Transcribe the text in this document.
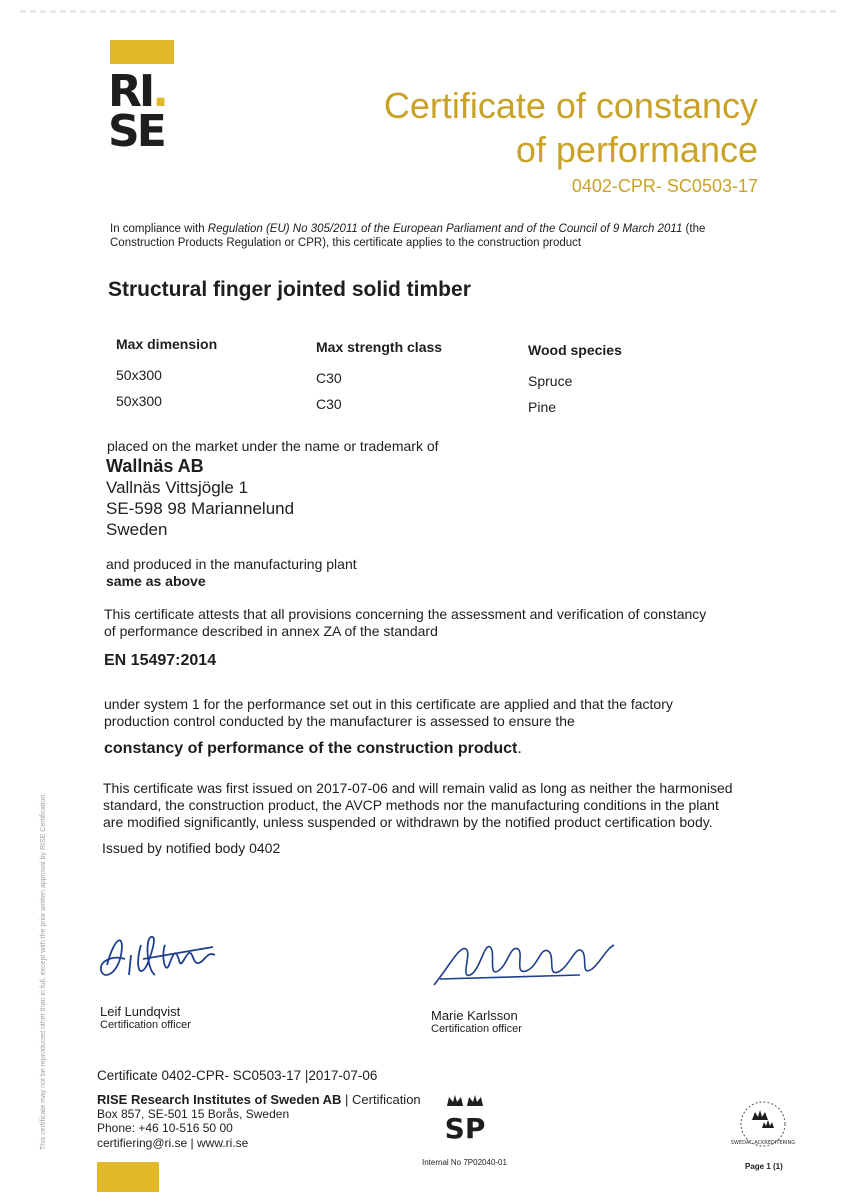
RI.
SE
Certificate of constancy
of performance
0402-CPR- SC0503-17
In compliance with Regulation (EU) No 305/2011 of the European Parliament and of the Council of 9 March 2011 (the Construction Products Regulation or CPR), this certificate applies to the construction product
Structural finger jointed solid timber
Max dimension	Max strength class	Wood species
50x300	C30	Spruce
50x300	C30	Pine
placed on the market under the name or trademark of
Wallnäs AB
Vallnäs Vittsjögle 1
SE-598 98 Mariannelund
Sweden
and produced in the manufacturing plant
same as above
This certificate attests that all provisions concerning the assessment and verification of constancy of performance described in annex ZA of the standard
EN 15497:2014
under system 1 for the performance set out in this certificate are applied and that the factory production control conducted by the manufacturer is assessed to ensure the
constancy of performance of the construction product.
This certificate was first issued on 2017-07-06 and will remain valid as long as neither the harmonised standard, the construction product, the AVCP methods nor the manufacturing conditions in the plant are modified significantly, unless suspended or withdrawn by the notified product certification body.
Issued by notified body 0402
Leif Lundqvist
Certification officer
Marie Karlsson
Certification officer
Certificate 0402-CPR- SC0503-17 |2017-07-06
RISE Research Institutes of Sweden AB | Certification
Box 857, SE-501 15 Borås, Sweden
Phone: +46 10-516 50 00
certifiering@ri.se | www.ri.se	SP
Internal No 7P02040-01
SWEDAC ACKREDITERING
Page 1 (1)
This certificate may not be reproduced other than in full, except with the prior written approval by RISE Certification.
